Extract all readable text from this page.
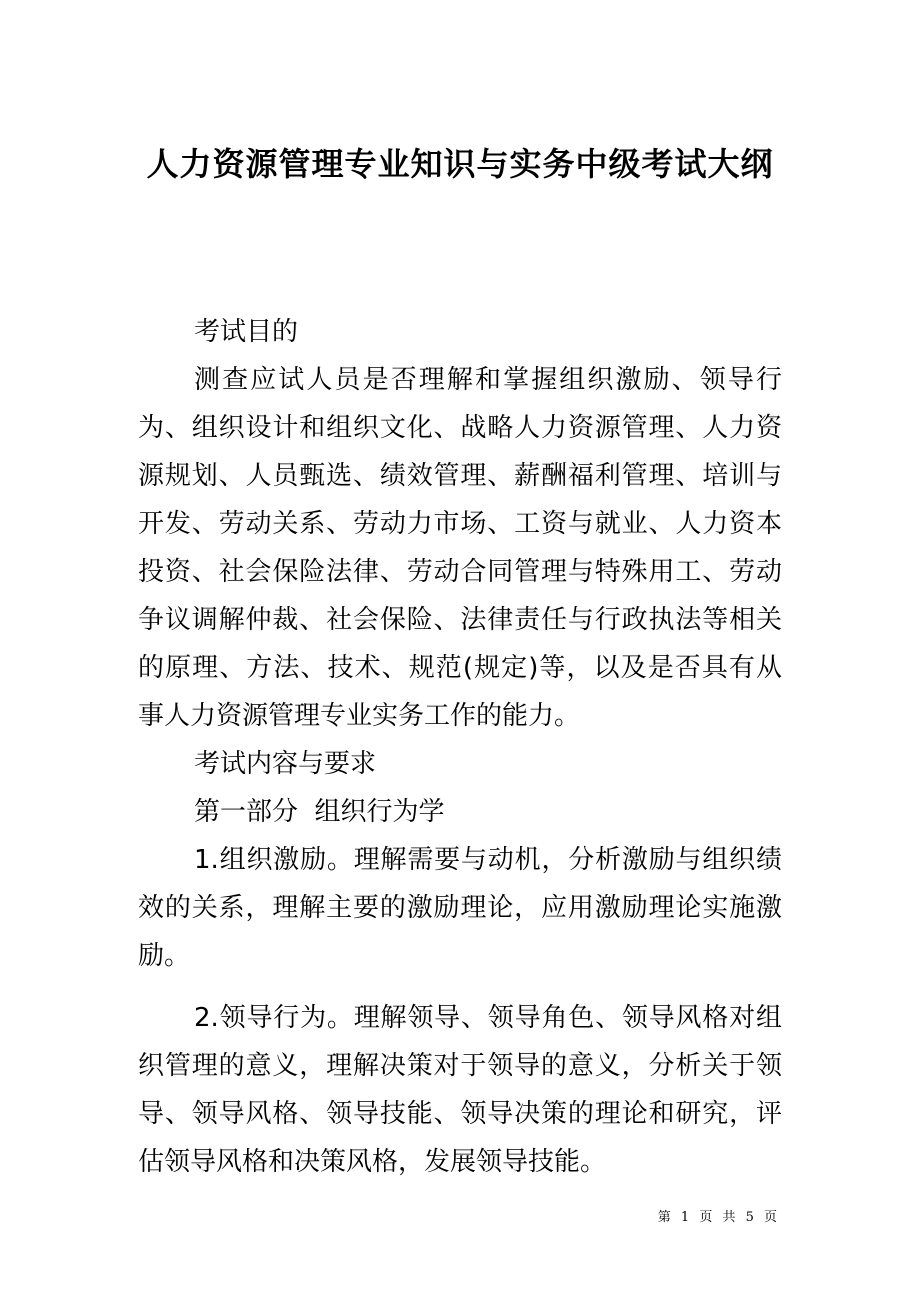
人力资源管理专业知识与实务中级考试大纲

考试目的

测查应试人员是否理解和掌握组织激励、领导行为、组织设计和组织文化、战略人力资源管理、人力资源规划、人员甄选、绩效管理、薪酬福利管理、培训与开发、劳动关系、劳动力市场、工资与就业、人力资本投资、社会保险法律、劳动合同管理与特殊用工、劳动争议调解仲裁、社会保险、法律责任与行政执法等相关的原理、方法、技术、规范(规定)等，以及是否具有从事人力资源管理专业实务工作的能力。

考试内容与要求

第一部分  组织行为学

1.组织激励。理解需要与动机，分析激励与组织绩效的关系，理解主要的激励理论，应用激励理论实施激励。

2.领导行为。理解领导、领导角色、领导风格对组织管理的意义，理解决策对于领导的意义，分析关于领导、领导风格、领导技能、领导决策的理论和研究，评估领导风格和决策风格，发展领导技能。

第 1 页 共 5 页
